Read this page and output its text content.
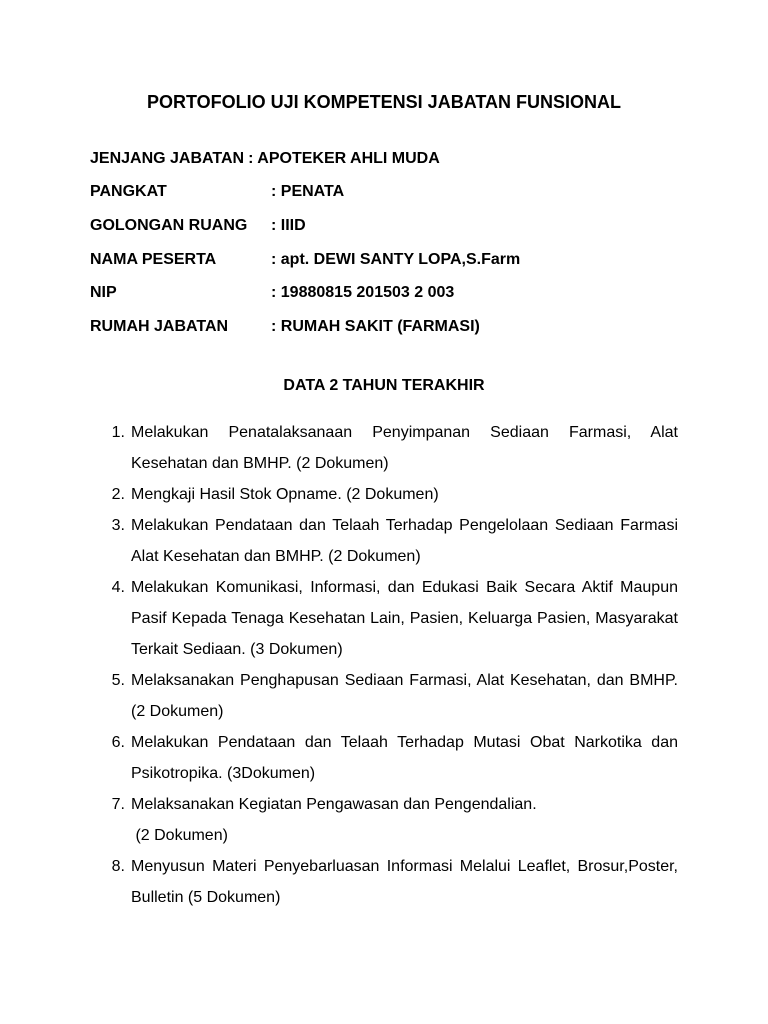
PORTOFOLIO UJI KOMPETENSI JABATAN FUNSIONAL
JENJANG JABATAN : APOTEKER AHLI MUDA
PANGKAT	: PENATA
GOLONGAN RUANG	: IIID
NAMA PESERTA	: apt. DEWI SANTY LOPA,S.Farm
NIP	: 19880815 201503 2 003
RUMAH JABATAN	: RUMAH SAKIT (FARMASI)
DATA 2 TAHUN TERAKHIR
1. Melakukan Penatalaksanaan Penyimpanan Sediaan Farmasi, Alat Kesehatan dan BMHP. (2 Dokumen)
2. Mengkaji Hasil Stok Opname. (2 Dokumen)
3. Melakukan Pendataan dan Telaah Terhadap Pengelolaan Sediaan Farmasi Alat Kesehatan dan BMHP. (2 Dokumen)
4. Melakukan Komunikasi, Informasi, dan Edukasi Baik Secara Aktif Maupun Pasif Kepada Tenaga Kesehatan Lain, Pasien, Keluarga Pasien, Masyarakat Terkait Sediaan. (3 Dokumen)
5. Melaksanakan Penghapusan Sediaan Farmasi, Alat Kesehatan, dan BMHP. (2 Dokumen)
6. Melakukan Pendataan dan Telaah Terhadap Mutasi Obat Narkotika dan Psikotropika. (3Dokumen)
7. Melaksanakan Kegiatan Pengawasan dan Pengendalian.
(2 Dokumen)
8. Menyusun Materi Penyebarluasan Informasi Melalui Leaflet, Brosur,Poster, Bulletin (5 Dokumen)
